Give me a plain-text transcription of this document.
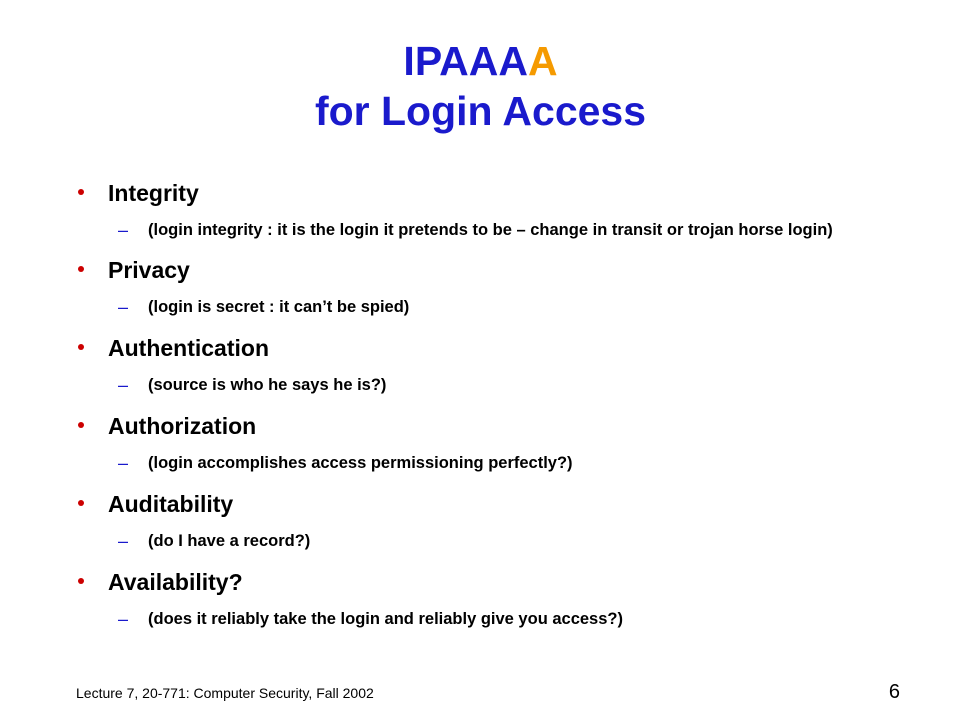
IPAAAA
for Login Access
Integrity
– (login integrity : it is the login it pretends to be – change in transit or trojan horse login)
Privacy
– (login is secret : it can’t be spied)
Authentication
– (source is who he says he is?)
Authorization
– (login accomplishes access permissioning perfectly?)
Auditability
– (do I have a record?)
Availability?
– (does it reliably take the login and reliably give you access?)
Lecture 7, 20-771: Computer Security, Fall 2002	6
